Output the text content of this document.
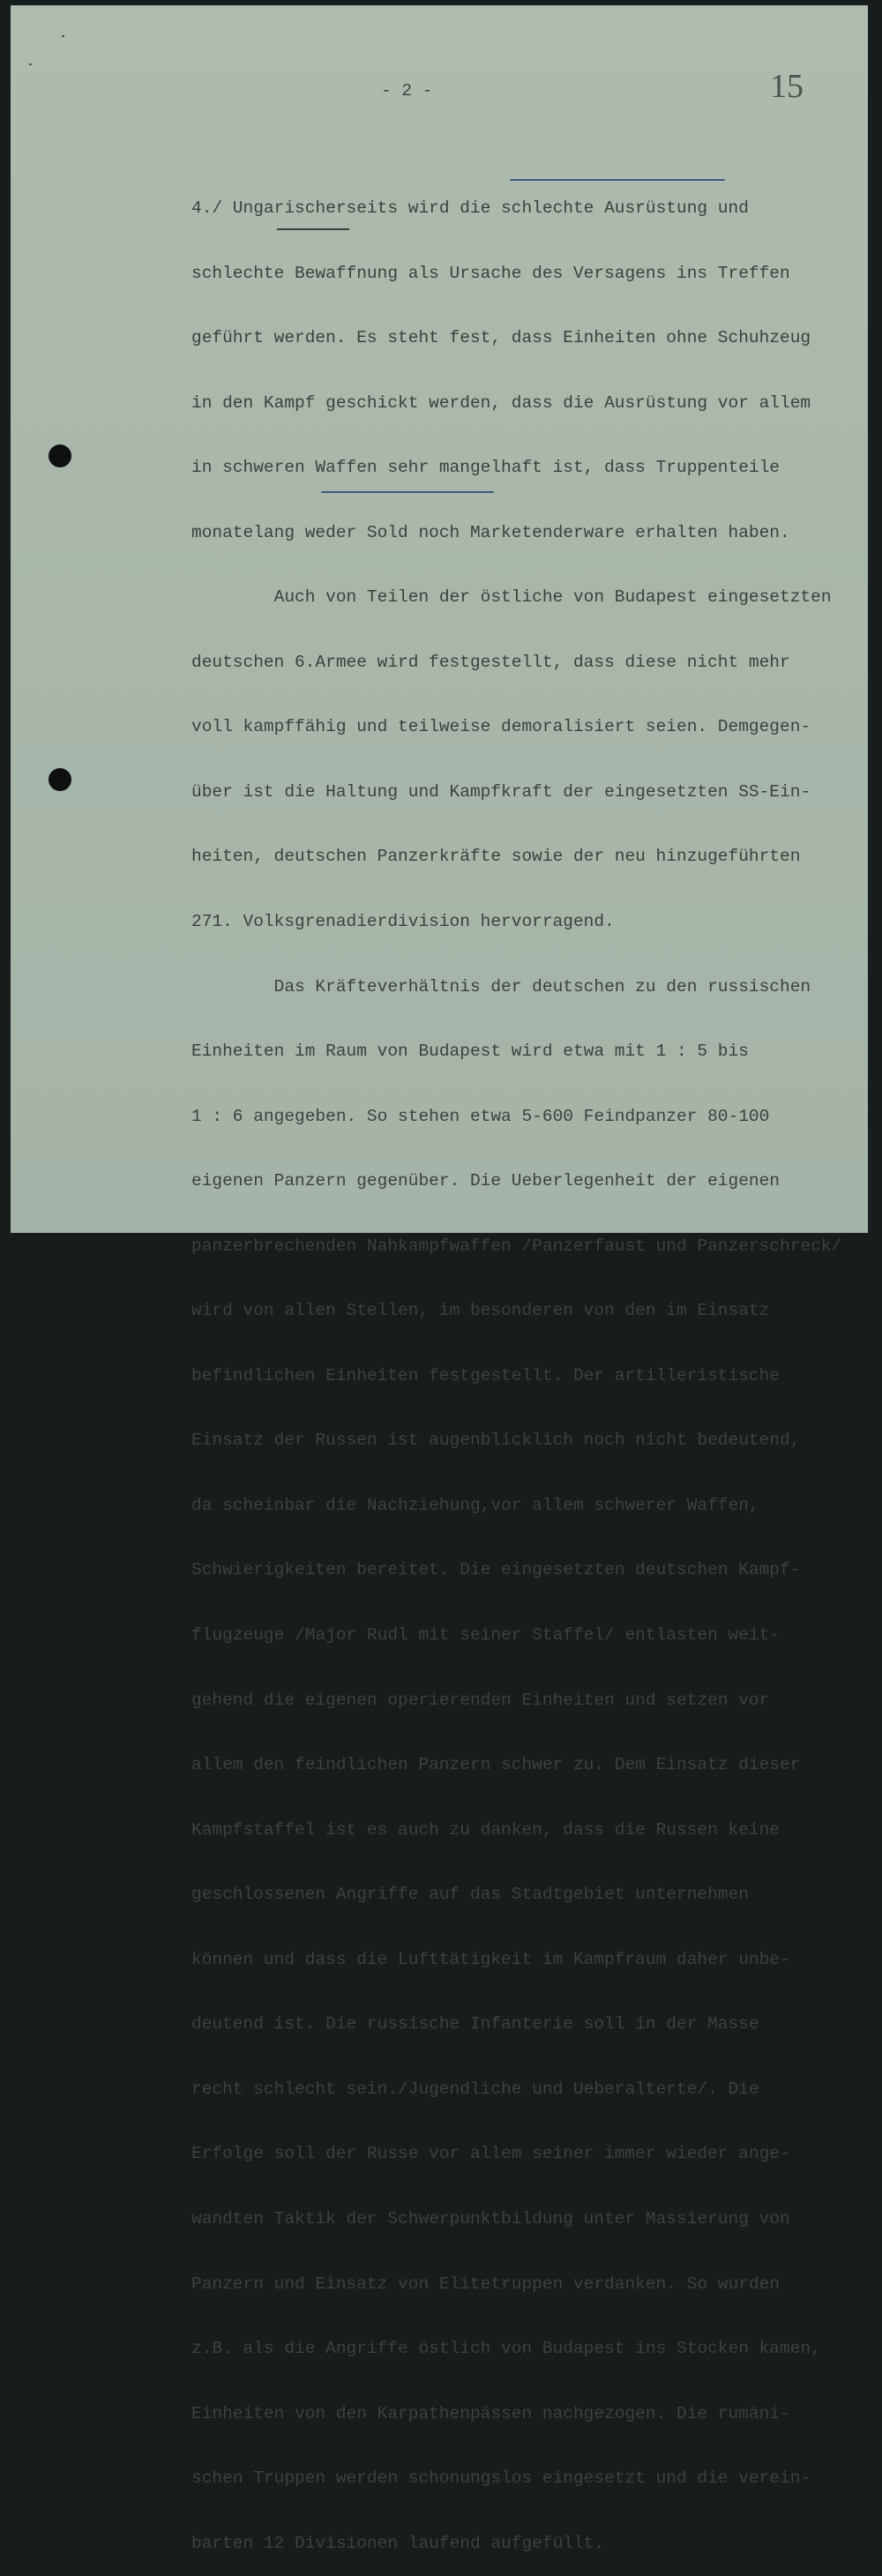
- 2 -	15

4./ Ungarischerseits wird die schlechte Ausrüstung und

schlechte Bewaffnung als Ursache des Versagens ins Treffen

geführt werden. Es steht fest, dass Einheiten ohne Schuhzeug

in den Kampf geschickt werden, dass die Ausrüstung vor allem

in schweren Waffen sehr mangelhaft ist, dass Truppenteile

monatelang weder Sold noch Marketenderware erhalten haben.

Auch von Teilen der östliche von Budapest eingesetzten

deutschen 6.Armee wird festgestellt, dass diese nicht mehr

voll kampffähig und teilweise demoralisiert seien. Demgegen-

über ist die Haltung und Kampfkraft der eingesetzten SS-Ein-

heiten, deutschen Panzerkräfte sowie der neu hinzugeführten

271. Volksgrenadierdivision hervorragend.

Das Kräfteverhältnis der deutschen zu den russischen

Einheiten im Raum von Budapest wird etwa mit 1 : 5 bis

1 : 6 angegeben. So stehen etwa 5-600 Feindpanzer 80-100

eigenen Panzern gegenüber. Die Ueberlegenheit der eigenen

panzerbrechenden Nahkampfwaffen /Panzerfaust und Panzerschreck/

wird von allen Stellen, im besonderen von den im Einsatz

befindlichen Einheiten festgestellt. Der artilleristische

Einsatz der Russen ist augenblicklich noch nicht bedeutend,

da scheinbar die Nachziehung,vor allem schwerer Waffen,

Schwierigkeiten bereitet. Die eingesetzten deutschen Kampf-

flugzeuge /Major Rudl mit seiner Staffel/ entlasten weit-

gehend die eigenen operierenden Einheiten und setzen vor

allem den feindlichen Panzern schwer zu. Dem Einsatz dieser

Kampfstaffel ist es auch zu danken, dass die Russen keine

geschlossenen Angriffe auf das Stadtgebiet unternehmen

können und dass die Lufttätigkeit im Kampfraum daher unbe-

deutend ist. Die russische Infanterie soll in der Masse

recht schlecht sein./Jugendliche und Ueberalterte/. Die

Erfolge soll der Russe vor allem seiner immer wieder ange-

wandten Taktik der Schwerpunktbildung unter Massierung von

Panzern und Einsatz von Elitetruppen verdanken. So wurden

z.B. als die Angriffe östlich von Budapest ins Stocken kamen,

Einheiten von den Karpathenpässen nachgezogen. Die rumäni-

schen Truppen werden schonungslos eingesetzt und die verein-

barten 12 Divisionen laufend aufgefüllt.
